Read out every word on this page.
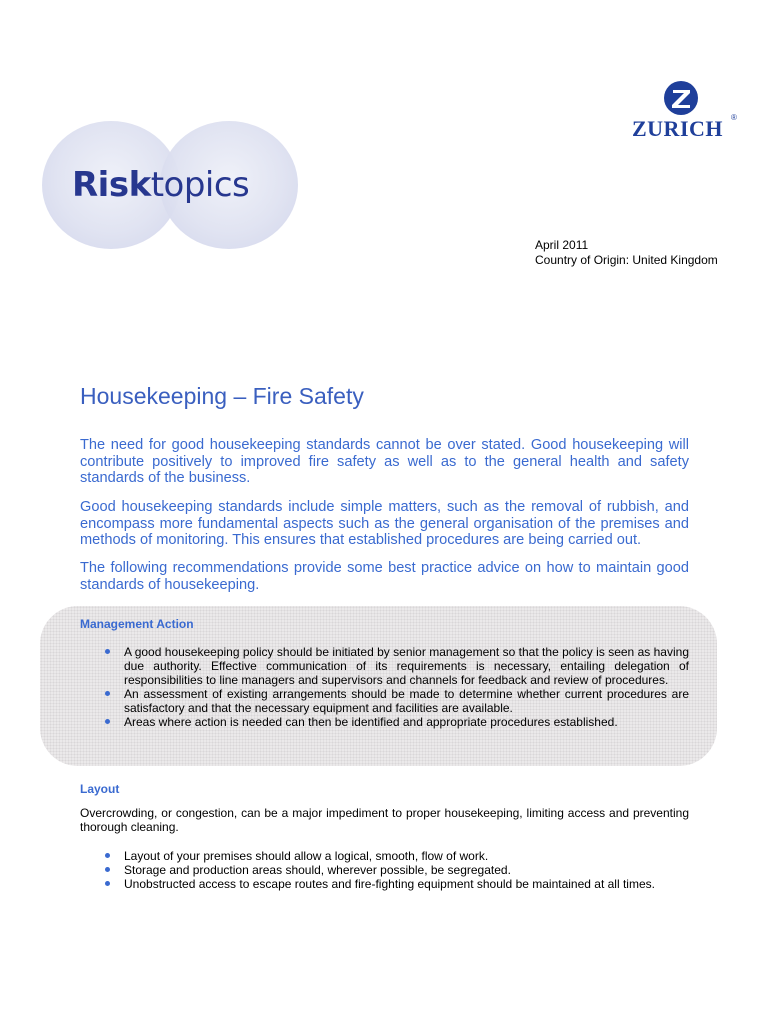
Risktopics
ZURICH ®
April 2011
Country of Origin: United Kingdom
Housekeeping – Fire Safety

The need for good housekeeping standards cannot be over stated. Good housekeeping will contribute positively to improved fire safety as well as to the general health and safety standards of the business.

Good housekeeping standards include simple matters, such as the removal of rubbish, and encompass more fundamental aspects such as the general organisation of the premises and methods of monitoring. This ensures that established procedures are being carried out.

The following recommendations provide some best practice advice on how to maintain good standards of housekeeping.

Management Action
A good housekeeping policy should be initiated by senior management so that the policy is seen as having due authority. Effective communication of its requirements is necessary, entailing delegation of responsibilities to line managers and supervisors and channels for feedback and review of procedures.
An assessment of existing arrangements should be made to determine whether current procedures are satisfactory and that the necessary equipment and facilities are available.
Areas where action is needed can then be identified and appropriate procedures established.
Layout

Overcrowding, or congestion, can be a major impediment to proper housekeeping, limiting access and preventing thorough cleaning.

Layout of your premises should allow a logical, smooth, flow of work.
Storage and production areas should, wherever possible, be segregated.
Unobstructed access to escape routes and fire-fighting equipment should be maintained at all times.
